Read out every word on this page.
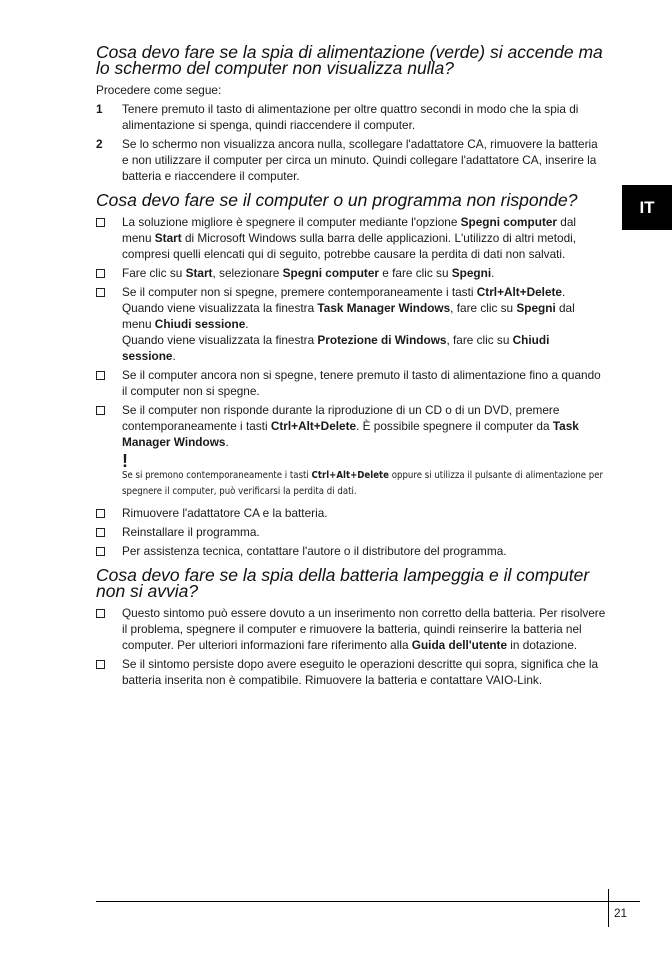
Cosa devo fare se la spia di alimentazione (verde) si accende ma lo schermo del computer non visualizza nulla?

Procedere come segue:

1 Tenere premuto il tasto di alimentazione per oltre quattro secondi in modo che la spia di alimentazione si spenga, quindi riaccendere il computer.
2 Se lo schermo non visualizza ancora nulla, scollegare l'adattatore CA, rimuovere la batteria e non utilizzare il computer per circa un minuto. Quindi collegare l'adattatore CA, inserire la batteria e riaccendere il computer.
Cosa devo fare se il computer o un programma non risponde?
La soluzione migliore è spegnere il computer mediante l'opzione Spegni computer dal menu Start di Microsoft Windows sulla barra delle applicazioni. L'utilizzo di altri metodi, compresi quelli elencati qui di seguito, potrebbe causare la perdita di dati non salvati.
Fare clic su Start, selezionare Spegni computer e fare clic su Spegni.
Se il computer non si spegne, premere contemporaneamente i tasti Ctrl+Alt+Delete.
Quando viene visualizzata la finestra Task Manager Windows, fare clic su Spegni dal menu Chiudi sessione.
Quando viene visualizzata la finestra Protezione di Windows, fare clic su Chiudi sessione.
Se il computer ancora non si spegne, tenere premuto il tasto di alimentazione fino a quando il computer non si spegne.
Se il computer non risponde durante la riproduzione di un CD o di un DVD, premere contemporaneamente i tasti Ctrl+Alt+Delete. È possibile spegnere il computer da Task Manager Windows.
!
Se si premono contemporaneamente i tasti Ctrl+Alt+Delete oppure si utilizza il pulsante di alimentazione per spegnere il computer, può verificarsi la perdita di dati.
Rimuovere l'adattatore CA e la batteria.
Reinstallare il programma.
Per assistenza tecnica, contattare l'autore o il distributore del programma.
Cosa devo fare se la spia della batteria lampeggia e il computer non si avvia?
Questo sintomo può essere dovuto a un inserimento non corretto della batteria. Per risolvere il problema, spegnere il computer e rimuovere la batteria, quindi reinserire la batteria nel computer. Per ulteriori informazioni fare riferimento alla Guida dell'utente in dotazione.
Se il sintomo persiste dopo avere eseguito le operazioni descritte qui sopra, significa che la batteria inserita non è compatibile. Rimuovere la batteria e contattare VAIO-Link.
IT
21
